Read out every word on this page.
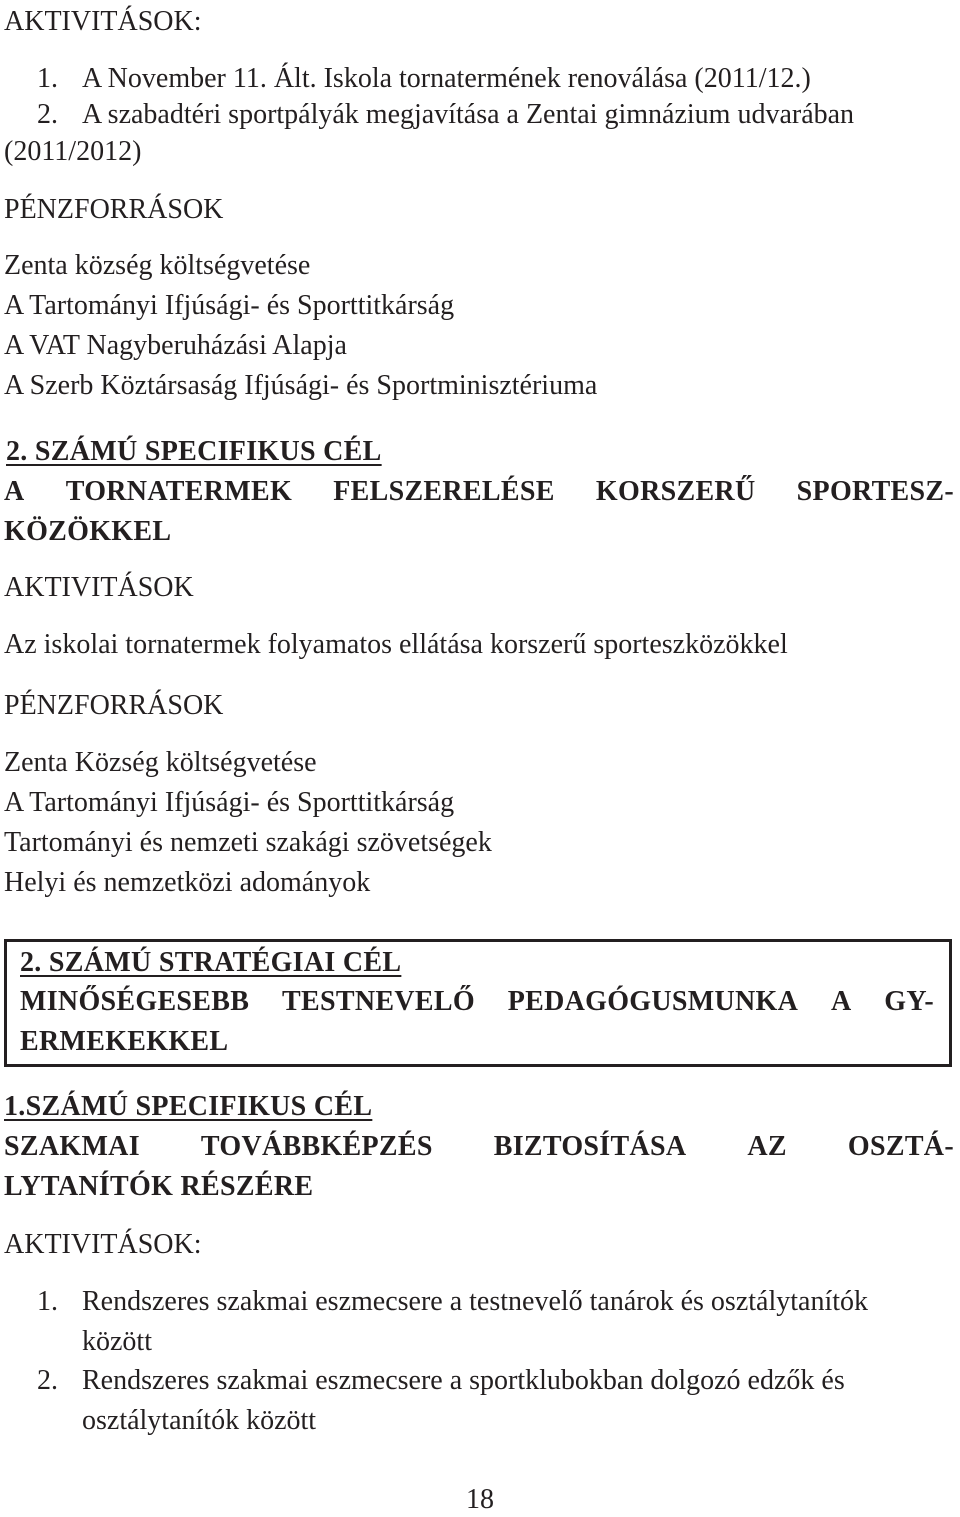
AKTIVITÁSOK:
1. A November 11. Ált. Iskola tornatermének renoválása (2011/12.)
2. A szabadtéri sportpályák megjavítása a Zentai gimnázium udvarában
(2011/2012)
PÉNZFORRÁSOK
Zenta község költségvetése
A Tartományi Ifjúsági- és Sporttitkárság
A VAT Nagyberuházási Alapja
A Szerb Köztársaság Ifjúsági- és Sportminisztériuma
2. SZÁMÚ SPECIFIKUS CÉL
A TORNATERMEK FELSZERELÉSE KORSZERŰ SPORTESZ-
KÖZÖKKEL
AKTIVITÁSOK
Az iskolai tornatermek folyamatos ellátása korszerű sporteszközökkel
PÉNZFORRÁSOK
Zenta Község költségvetése
A Tartományi Ifjúsági- és Sporttitkárság
Tartományi és nemzeti szakági szövetségek
Helyi és nemzetközi adományok
2. SZÁMÚ STRATÉGIAI CÉL
MINŐSÉGESEBB TESTNEVELŐ PEDAGÓGUSMUNKA A GY-
ERMEKEKKEL
1.SZÁMÚ SPECIFIKUS CÉL
SZAKMAI TOVÁBBKÉPZÉS BIZTOSÍTÁSA AZ OSZTÁ-
LYTANÍTÓK RÉSZÉRE
AKTIVITÁSOK:
1. Rendszeres szakmai eszmecsere a testnevelő tanárok és osztálytanítók
között
2. Rendszeres szakmai eszmecsere a sportklubokban dolgozó edzők és
osztálytanítók között
18
